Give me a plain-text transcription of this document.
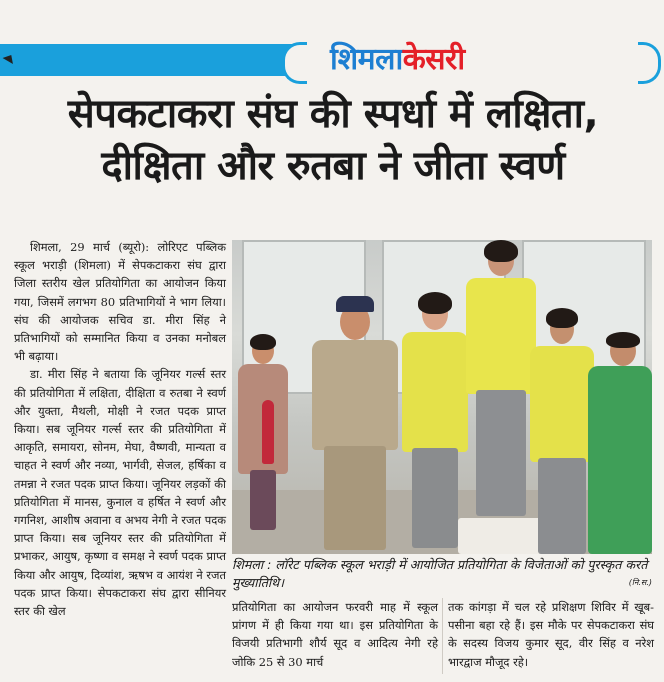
शिमलाकेसरी
सेपकटाकरा संघ की स्पर्धा में लक्षिता,
दीक्षिता और रुतबा ने जीता स्वर्ण

शिमला, 29 मार्च (ब्यूरो): लोरिएट पब्लिक स्कूल भराड़ी (शिमला) में सेपकटाकरा संघ द्वारा जिला स्तरीय खेल प्रतियोगिता का आयोजन किया गया, जिसमें लगभग 80 प्रतिभागियों ने भाग लिया। संघ की आयोजक सचिव डा. मीरा सिंह ने प्रतिभागियों को सम्मानित किया व उनका मनोबल भी बढ़ाया।

डा. मीरा सिंह ने बताया कि जूनियर गर्ल्स स्तर की प्रतियोगिता में लक्षिता, दीक्षिता व रुतबा ने स्वर्ण और युक्ता, मैथली, मोक्षी ने रजत पदक प्राप्त किया। सब जूनियर गर्ल्स स्तर की प्रतियोगिता में आकृति, समायरा, सोनम, मेघा, वैष्णवी, मान्यता व चाहत ने स्वर्ण और नव्या, भार्गवी, सेजल, हर्षिका व तमन्ना ने रजत पदक प्राप्त किया। जूनियर लड़कों की प्रतियोगिता में मानस, कुनाल व हर्षित ने स्वर्ण और गगनिश, आशीष अवाना व अभय नेगी ने रजत पदक प्राप्त किया। सब जूनियर स्तर की प्रतियोगिता में प्रभाकर, आयुष, कृष्णा व समक्ष ने स्वर्ण पदक प्राप्त किया और आयुष, दिव्यांश, ऋषभ व आयंश ने रजत पदक प्राप्त किया। सेपकटाकरा संघ द्वारा सीनियर स्तर की खेल

शिमला : लॉरेट पब्लिक स्कूल भराड़ी में आयोजित प्रतियोगिता के विजेताओं को पुरस्कृत करते मुख्यातिथि।	(नि.स.)
प्रतियोगिता का आयोजन फरवरी माह में स्कूल प्रांगण में ही किया गया था। इस प्रतियोगिता के विजयी प्रतिभागी शौर्य सूद व आदित्य नेगी रहे जोकि 25 से 30 मार्च
तक कांगड़ा में चल रहे प्रशिक्षण शिविर में खूब-पसीना बहा रहे हैं। इस मौके पर सेपकटाकरा संघ के सदस्य विजय कुमार सूद, वीर सिंह व नरेश भारद्वाज मौजूद रहे।
